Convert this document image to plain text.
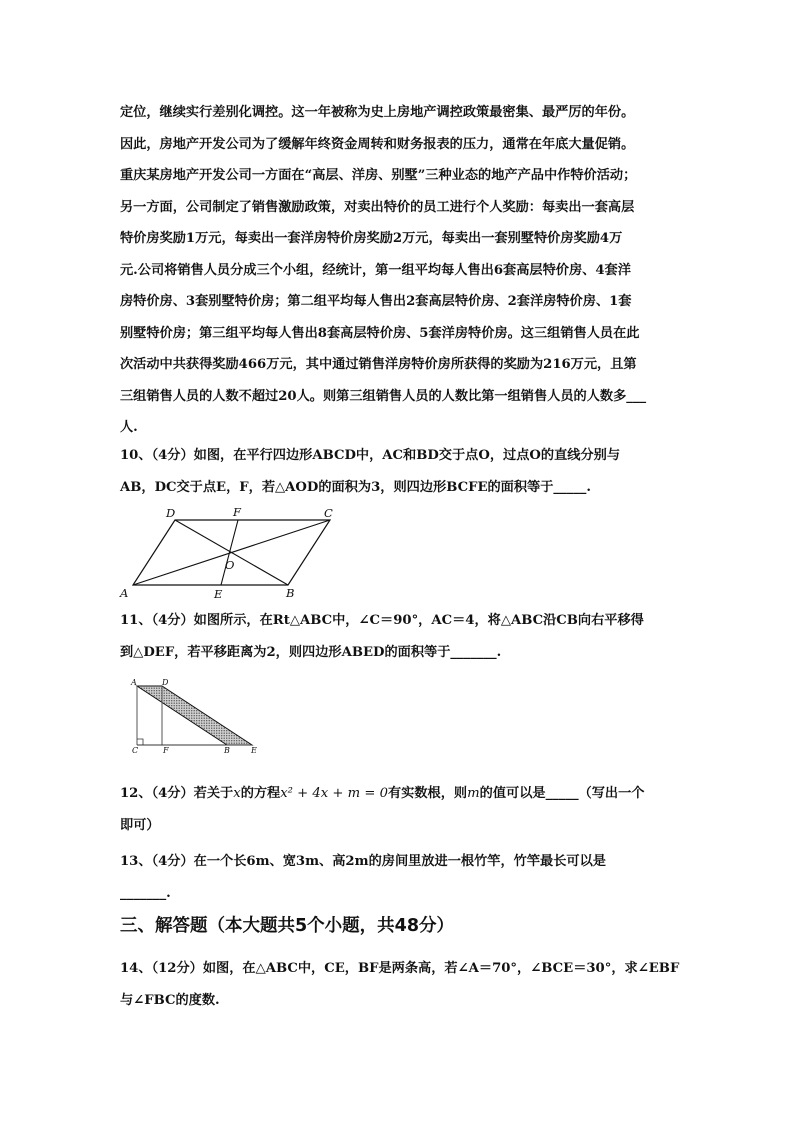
定位，继续实行差别化调控。这一年被称为史上房地产调控政策最密集、最严厉的年份。
因此，房地产开发公司为了缓解年终资金周转和财务报表的压力，通常在年底大量促销。
重庆某房地产开发公司一方面在“高层、洋房、别墅”三种业态的地产产品中作特价活动；
另一方面，公司制定了销售激励政策，对卖出特价的员工进行个人奖励：每卖出一套高层
特价房奖励1万元，每卖出一套洋房特价房奖励2万元，每卖出一套别墅特价房奖励4万
元.公司将销售人员分成三个小组，经统计，第一组平均每人售出6套高层特价房、4套洋
房特价房、3套别墅特价房；第二组平均每人售出2套高层特价房、2套洋房特价房、1套
别墅特价房；第三组平均每人售出8套高层特价房、5套洋房特价房。这三组销售人员在此
次活动中共获得奖励466万元，其中通过销售洋房特价房所获得的奖励为216万元，且第
三组销售人员的人数不超过20人。则第三组销售人员的人数比第一组销售人员的人数多___
人.
10、（4分）如图，在平行四边形ABCD中，AC和BD交于点O，过点O的直线分别与
AB，DC交于点E，F，若△AOD的面积为3，则四边形BCFE的面积等于_____.
A	B
C
D
E
F
O
11、（4分）如图所示，在Rt△ABC中，∠C＝90°，AC＝4，将△ABC沿CB向右平移得
到△DEF，若平移距离为2，则四边形ABED的面积等于_______.
A	D
C	F	B	E
12、（4分）若关于x的方程x² + 4x + m = 0有实数根，则m的值可以是_____（写出一个
即可）
13、（4分）在一个长6m、宽3m、高2m的房间里放进一根竹竿，竹竿最长可以是
_______.
三、解答题（本大题共5个小题，共48分）
14、（12分）如图，在△ABC中，CE，BF是两条高，若∠A＝70°，∠BCE＝30°，求∠EBF
与∠FBC的度数.
